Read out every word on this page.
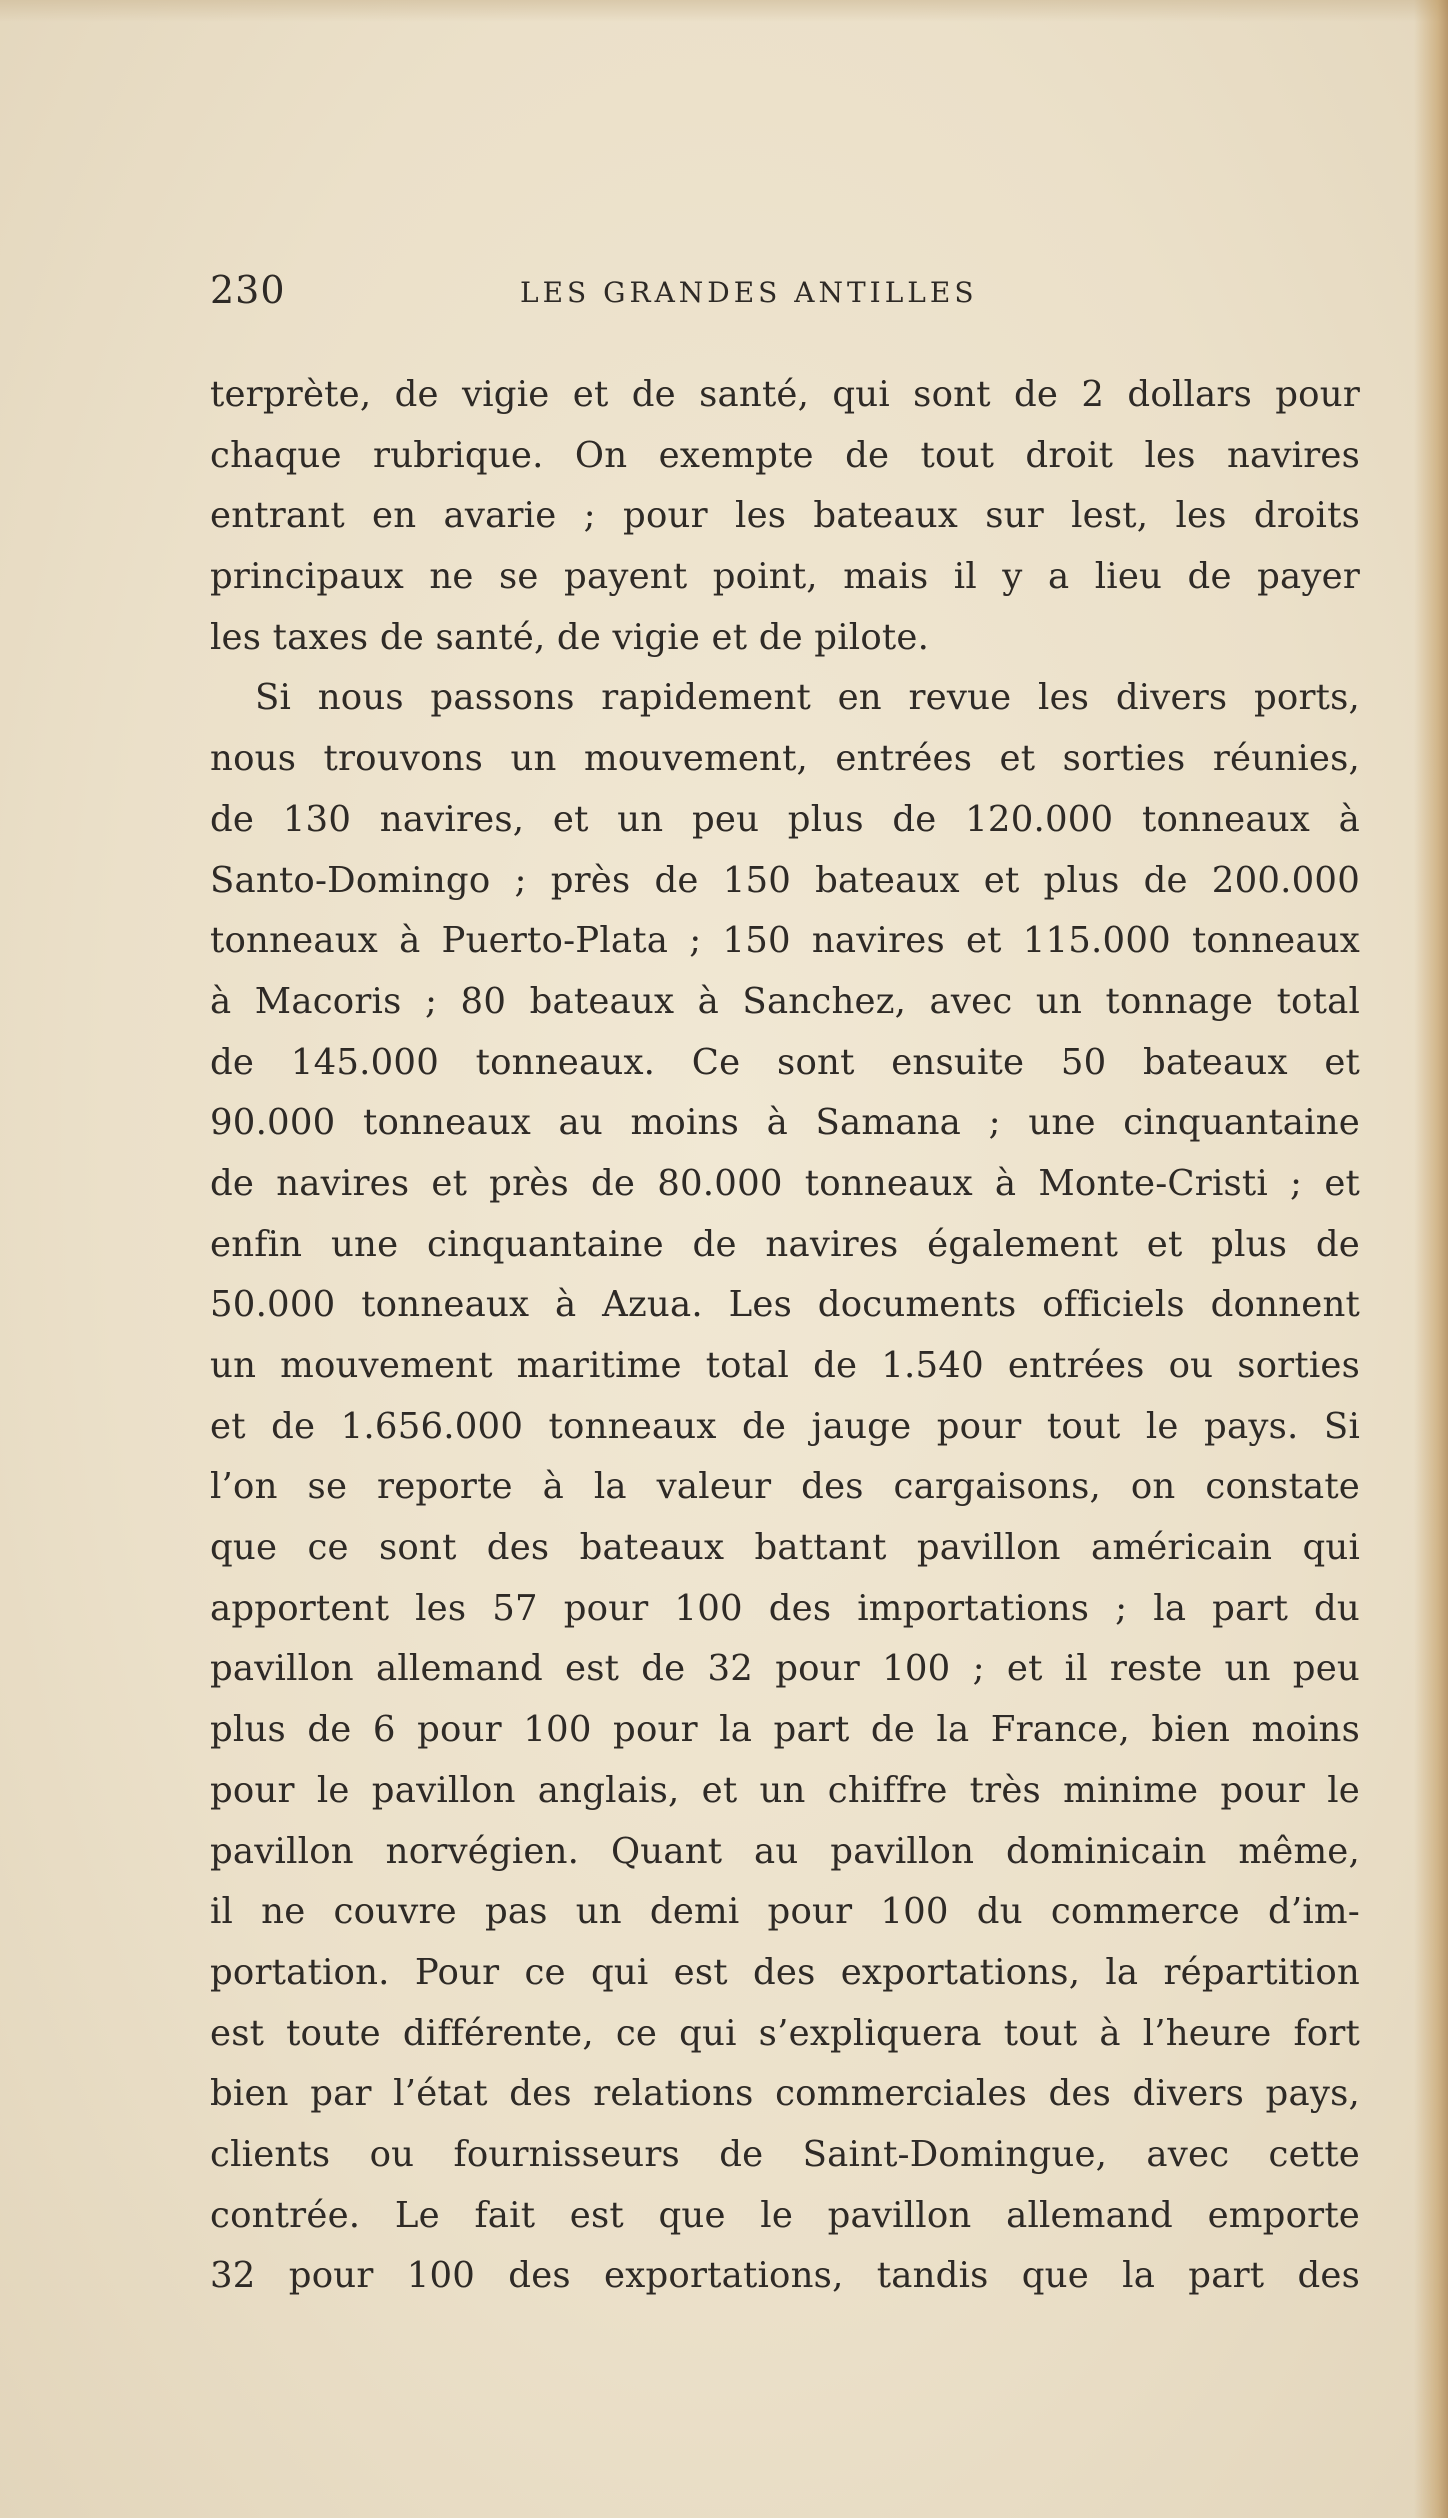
230	LES GRANDES ANTILLES
terprète, de vigie et de santé, qui sont de 2 dollars pour
chaque rubrique. On exempte de tout droit les navires
entrant en avarie ; pour les bateaux sur lest, les droits
principaux ne se payent point, mais il y a lieu de payer
les taxes de santé, de vigie et de pilote.
Si nous passons rapidement en revue les divers ports,
nous trouvons un mouvement, entrées et sorties réunies,
de 130 navires, et un peu plus de 120.000 tonneaux à
Santo-Domingo ; près de 150 bateaux et plus de 200.000
tonneaux à Puerto-Plata ; 150 navires et 115.000 tonneaux
à Macoris ; 80 bateaux à Sanchez, avec un tonnage total
de 145.000 tonneaux. Ce sont ensuite 50 bateaux et
90.000 tonneaux au moins à Samana ; une cinquantaine
de navires et près de 80.000 tonneaux à Monte-Cristi ; et
enfin une cinquantaine de navires également et plus de
50.000 tonneaux à Azua. Les documents officiels donnent
un mouvement maritime total de 1.540 entrées ou sorties
et de 1.656.000 tonneaux de jauge pour tout le pays. Si
l’on se reporte à la valeur des cargaisons, on constate
que ce sont des bateaux battant pavillon américain qui
apportent les 57 pour 100 des importations ; la part du
pavillon allemand est de 32 pour 100 ; et il reste un peu
plus de 6 pour 100 pour la part de la France, bien moins
pour le pavillon anglais, et un chiffre très minime pour le
pavillon norvégien. Quant au pavillon dominicain même,
il ne couvre pas un demi pour 100 du commerce d’im-
portation. Pour ce qui est des exportations, la répartition
est toute différente, ce qui s’expliquera tout à l’heure fort
bien par l’état des relations commerciales des divers pays,
clients ou fournisseurs de Saint-Domingue, avec cette
contrée. Le fait est que le pavillon allemand emporte
32 pour 100 des exportations, tandis que la part des
